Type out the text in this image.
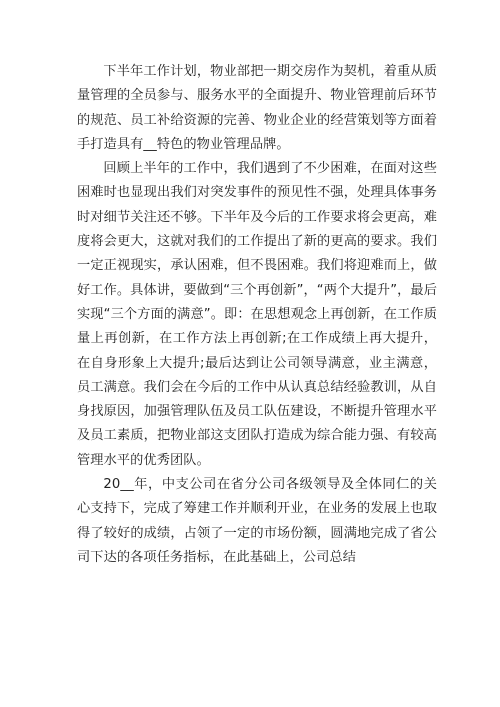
下半年工作计划，物业部把一期交房作为契机，着重从质量管理的全员参与、服务水平的全面提升、物业管理前后环节的规范、员工补给资源的完善、物业企业的经营策划等方面着手打造具有__特色的物业管理品牌。

回顾上半年的工作中，我们遇到了不少困难，在面对这些困难时也显现出我们对突发事件的预见性不强，处理具体事务时对细节关注还不够。下半年及今后的工作要求将会更高，难度将会更大，这就对我们的工作提出了新的更高的要求。我们一定正视现实，承认困难，但不畏困难。我们将迎难而上，做好工作。具体讲，要做到“三个再创新”，“两个大提升”，最后实现“三个方面的满意”。即：在思想观念上再创新，在工作质量上再创新，在工作方法上再创新;在工作成绩上再大提升，在自身形象上大提升;最后达到让公司领导满意，业主满意，员工满意。我们会在今后的工作中从认真总结经验教训，从自身找原因，加强管理队伍及员工队伍建设，不断提升管理水平及员工素质，把物业部这支团队打造成为综合能力强、有较高管理水平的优秀团队。

20__年，中支公司在省分公司各级领导及全体同仁的关心支持下，完成了筹建工作并顺利开业，在业务的发展上也取得了较好的成绩，占领了一定的市场份额，圆满地完成了省公司下达的各项任务指标，在此基础上，公司总结
